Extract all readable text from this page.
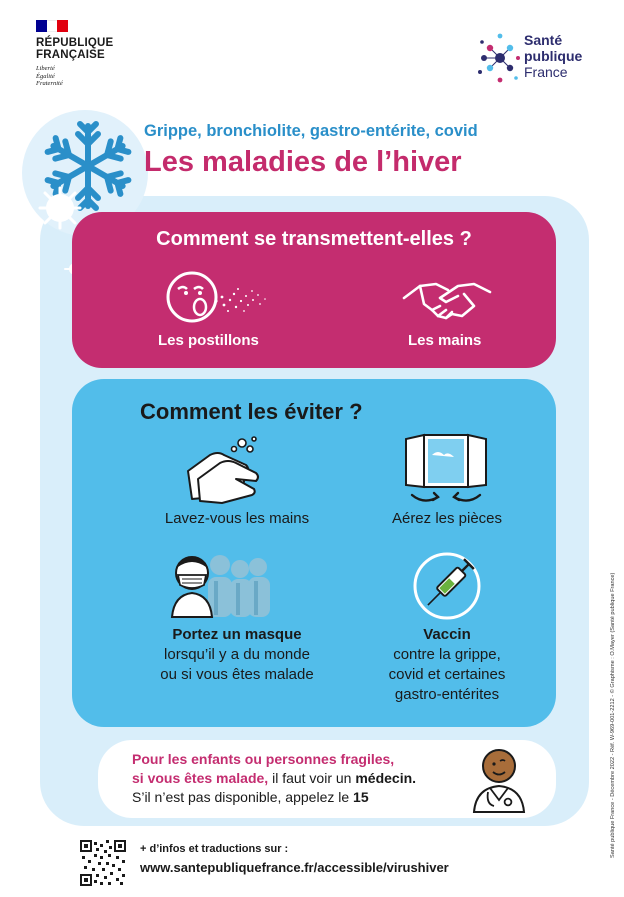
RÉPUBLIQUE
FRANÇAISE
Liberté
Égalité
Fraternité
Santé
publique
France
Grippe, bronchiolite, gastro-entérite, covid
Les maladies de l’hiver
Comment se transmettent-elles ?
Les postillons	Les mains
Comment les éviter ?
Lavez-vous les mains	Aérez les pièces
Portez un masque
lorsqu’il y a du monde
ou si vous êtes malade
Vaccin
contre la grippe,
covid et certaines
gastro-entérites
Pour les enfants ou personnes fragiles,
si vous êtes malade, il faut voir un médecin.
S’il n’est pas disponible, appelez le 15
+ d’infos et traductions sur :
www.santepubliquefrance.fr/accessible/virushiver
Santé publique France - Décembre 2022 - Réf. W-969-001-2212 - © Graphisme : O.Mayer (Santé publique France)
